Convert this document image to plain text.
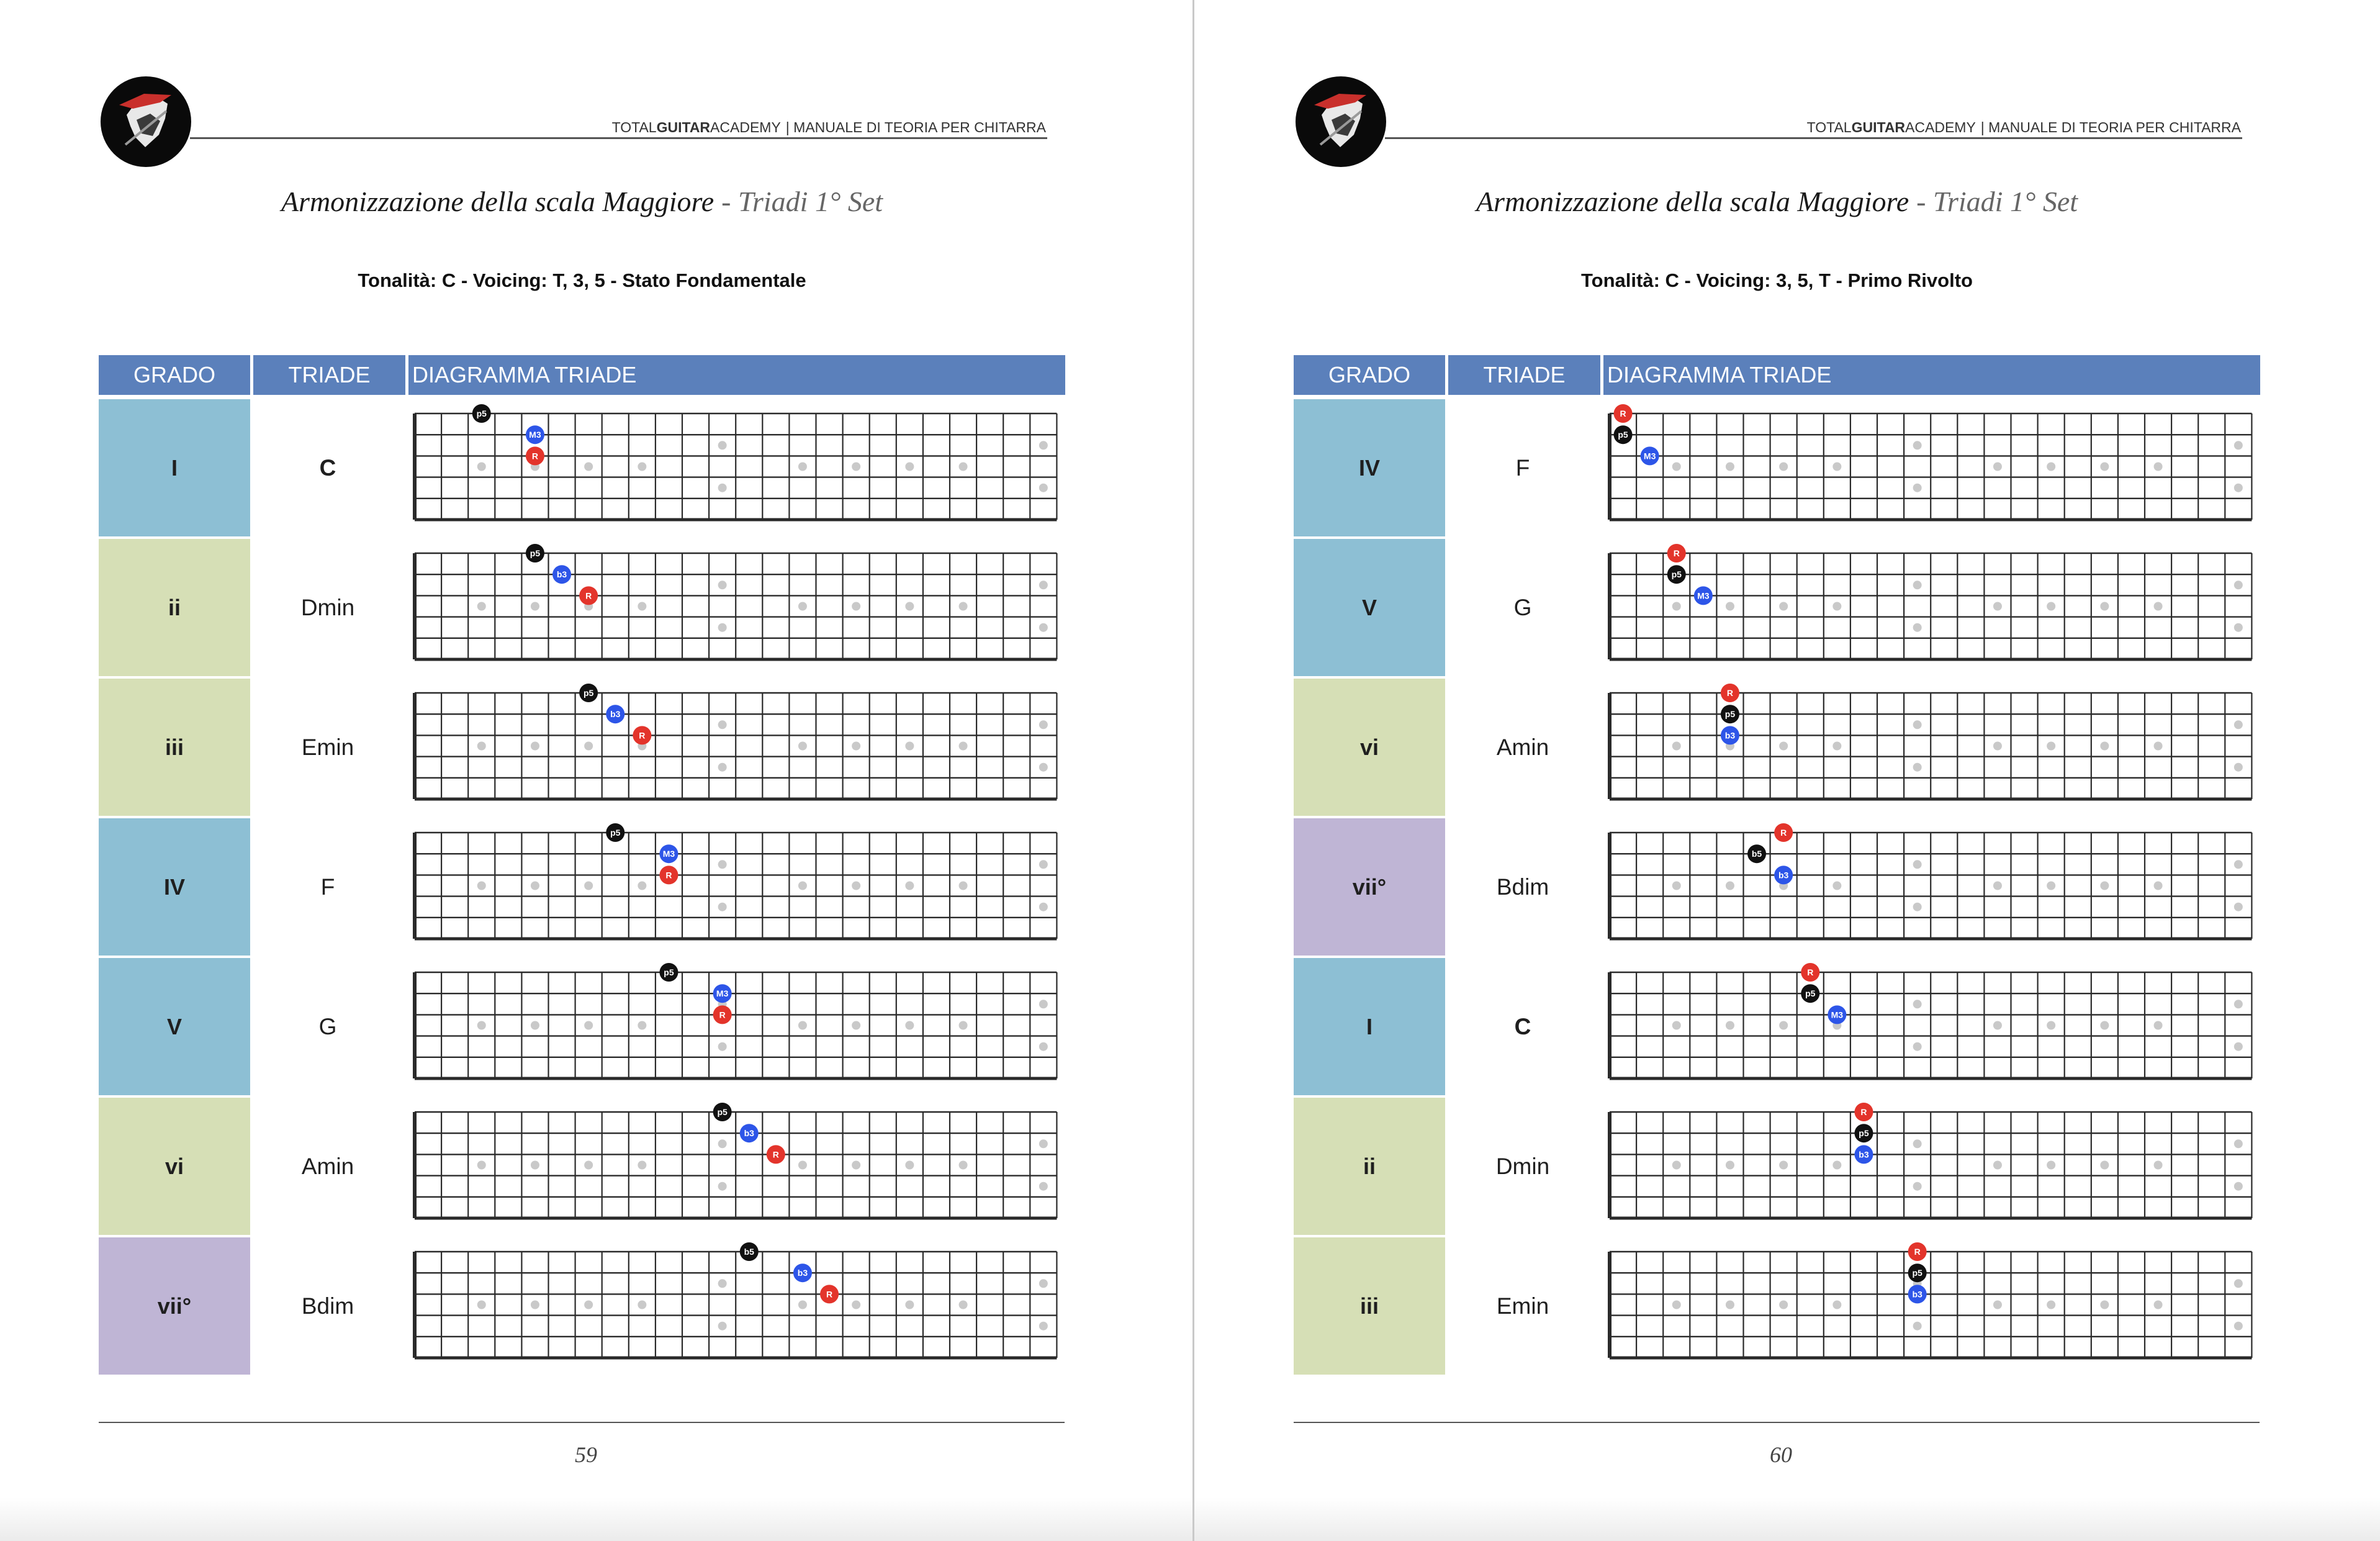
TOTALGUITARACADEMY | MANUALE DI TEORIA PER CHITARRA
Armonizzazione della scala Maggiore - Triadi 1° Set
Tonalità: C - Voicing: T, 3, 5 - Stato Fondamentale
GRADO	TRIADE	DIAGRAMMA TRIADE
I	C
p5
M3
R
ii	Dmin
p5
b3
R
iii	Emin
p5
b3
R
IV	F
p5
M3
R
V	G
p5
M3
R
vi	Amin
p5
b3
R
vii°	Bdim
b5
b3
R
59
TOTALGUITARACADEMY | MANUALE DI TEORIA PER CHITARRA
Armonizzazione della scala Maggiore - Triadi 1° Set
Tonalità: C - Voicing: 3, 5, T - Primo Rivolto
GRADO	TRIADE	DIAGRAMMA TRIADE
IV	F
R
p5
M3
V	G
R
p5
M3
vi	Amin
R
p5
b3
vii°	Bdim
R
b5
b3
I	C
R
p5
M3
ii	Dmin
R
p5
b3
iii	Emin
R
p5
b3
60
